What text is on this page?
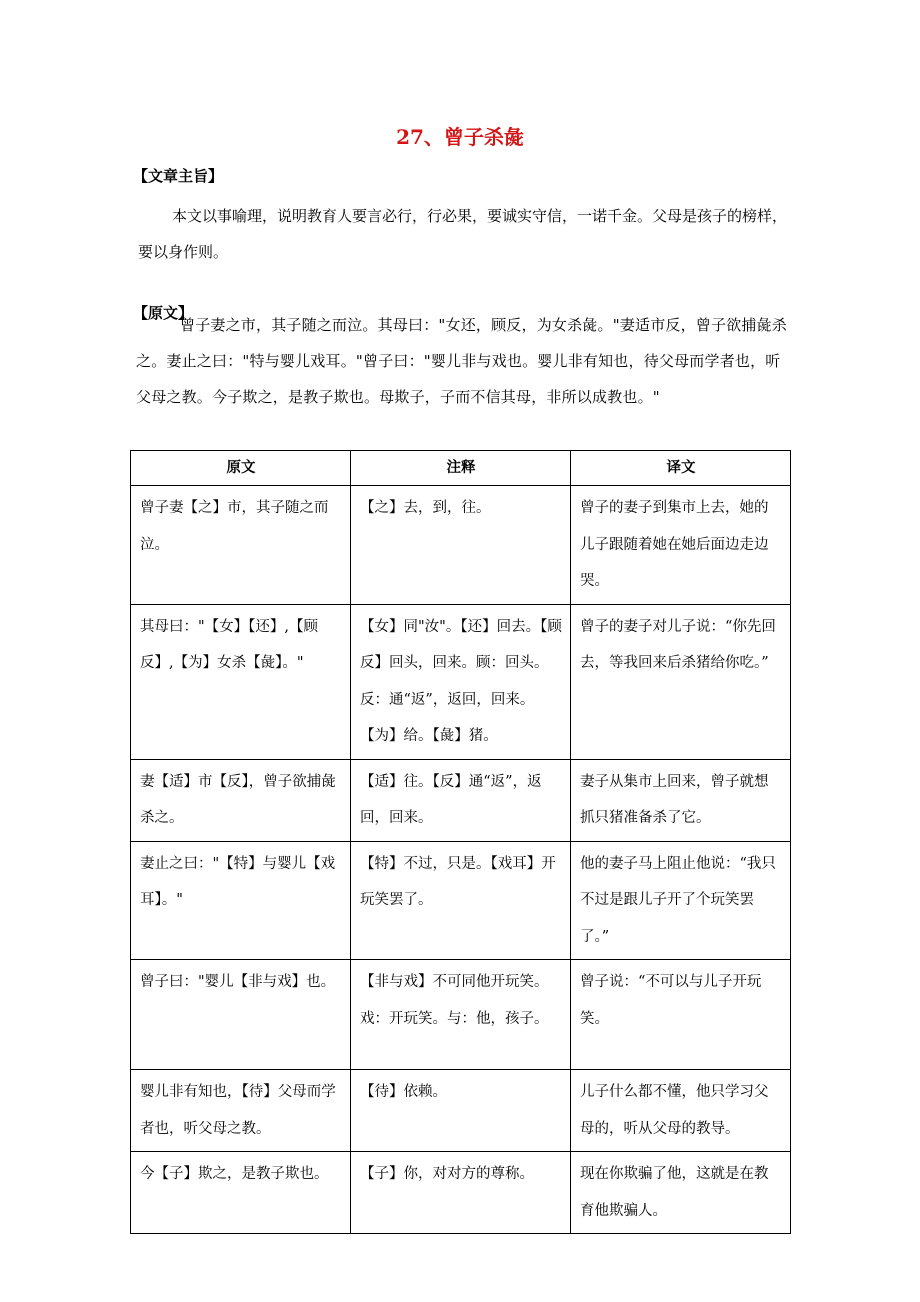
27、曾子杀彘
【文章主旨】
本文以事喻理，说明教育人要言必行，行必果，要诚实守信，一诺千金。父母是孩子的榜样，要以身作则。
【原文】
曾子妻之市，其子随之而泣。其母曰："女还，顾反，为女杀彘。"妻适市反，曾子欲捕彘杀之。妻止之曰："特与婴儿戏耳。"曾子曰："婴儿非与戏也。婴儿非有知也，待父母而学者也，听父母之教。今子欺之，是教子欺也。母欺子，子而不信其母，非所以成教也。"
原文	注释	译文
曾子妻【之】市，其子随之而泣。	【之】去，到，往。	曾子的妻子到集市上去，她的儿子跟随着她在她后面边走边哭。
其母曰："【女】【还】,【顾反】,【为】女杀【彘】。"	【女】同"汝"。【还】回去。【顾反】回头，回来。顾：回头。反：通“返”，返回，回来。【为】给。【彘】猪。	曾子的妻子对儿子说：“你先回去，等我回来后杀猪给你吃。”
妻【适】市【反】，曾子欲捕彘杀之。	【适】往。【反】通“返”，返回，回来。	妻子从集市上回来，曾子就想抓只猪准备杀了它。
妻止之曰："【特】与婴儿【戏耳】。"	【特】不过，只是。【戏耳】开玩笑罢了。	他的妻子马上阻止他说：“我只不过是跟儿子开了个玩笑罢了。”
曾子曰："婴儿【非与戏】也。	【非与戏】不可同他开玩笑。戏：开玩笑。与：他，孩子。	曾子说：“不可以与儿子开玩笑。
婴儿非有知也，【待】父母而学者也，听父母之教。	【待】依赖。	儿子什么都不懂，他只学习父母的，听从父母的教导。
今【子】欺之，是教子欺也。	【子】你，对对方的尊称。	现在你欺骗了他，这就是在教育他欺骗人。
